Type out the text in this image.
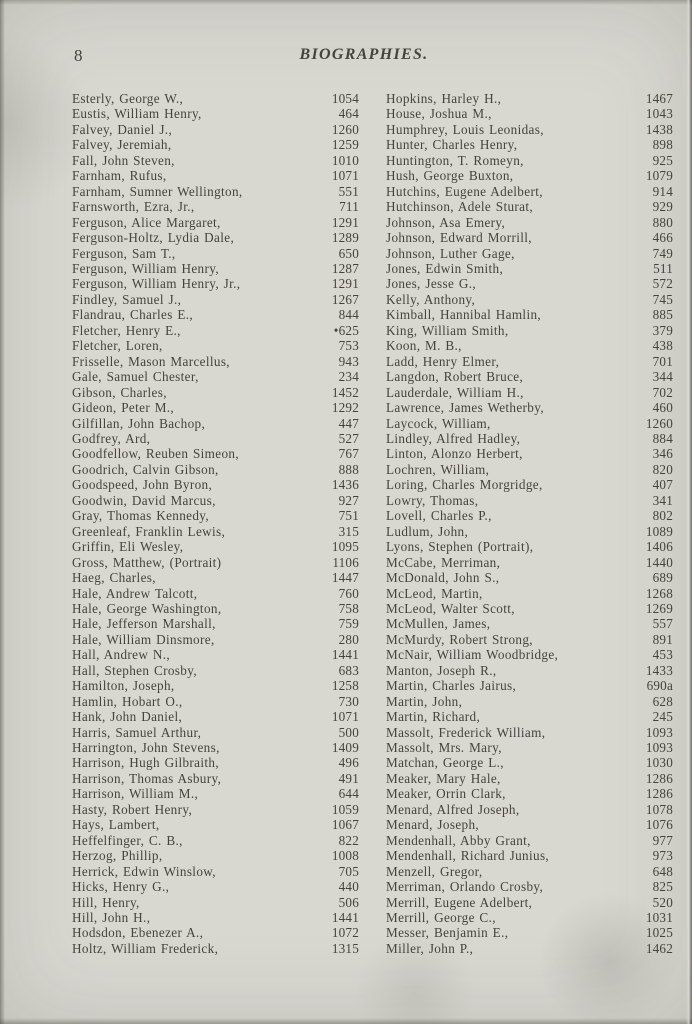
8	BIOGRAPHIES.
Esterly, George W.,	1054
Eustis, William Henry,	464
Falvey, Daniel J.,	1260
Falvey, Jeremiah,	1259
Fall, John Steven,	1010
Farnham, Rufus,	1071
Farnham, Sumner Wellington,	551
Farnsworth, Ezra, Jr.,	711
Ferguson, Alice Margaret,	1291
Ferguson-Holtz, Lydia Dale,	1289
Ferguson, Sam T.,	650
Ferguson, William Henry,	1287
Ferguson, William Henry, Jr.,	1291
Findley, Samuel J.,	1267
Flandrau, Charles E.,	844
Fletcher, Henry E.,	•625
Fletcher, Loren,	753
Frisselle, Mason Marcellus,	943
Gale, Samuel Chester,	234
Gibson, Charles,	1452
Gideon, Peter M.,	1292
Gilfillan, John Bachop,	447
Godfrey, Ard,	527
Goodfellow, Reuben Simeon,	767
Goodrich, Calvin Gibson,	888
Goodspeed, John Byron,	1436
Goodwin, David Marcus,	927
Gray, Thomas Kennedy,	751
Greenleaf, Franklin Lewis,	315
Griffin, Eli Wesley,	1095
Gross, Matthew, (Portrait)	1106
Haeg, Charles,	1447
Hale, Andrew Talcott,	760
Hale, George Washington,	758
Hale, Jefferson Marshall,	759
Hale, William Dinsmore,	280
Hall, Andrew N.,	1441
Hall, Stephen Crosby,	683
Hamilton, Joseph,	1258
Hamlin, Hobart O.,	730
Hank, John Daniel,	1071
Harris, Samuel Arthur,	500
Harrington, John Stevens,	1409
Harrison, Hugh Gilbraith,	496
Harrison, Thomas Asbury,	491
Harrison, William M.,	644
Hasty, Robert Henry,	1059
Hays, Lambert,	1067
Heffelfinger, C. B.,	822
Herzog, Phillip,	1008
Herrick, Edwin Winslow,	705
Hicks, Henry G.,	440
Hill, Henry,	506
Hill, John H.,	1441
Hodsdon, Ebenezer A.,	1072
Holtz, William Frederick,	1315
Hopkins, Harley H.,	1467
House, Joshua M.,	1043
Humphrey, Louis Leonidas,	1438
Hunter, Charles Henry,	898
Huntington, T. Romeyn,	925
Hush, George Buxton,	1079
Hutchins, Eugene Adelbert,	914
Hutchinson, Adele Sturat,	929
Johnson, Asa Emery,	880
Johnson, Edward Morrill,	466
Johnson, Luther Gage,	749
Jones, Edwin Smith,	511
Jones, Jesse G.,	572
Kelly, Anthony,	745
Kimball, Hannibal Hamlin,	885
King, William Smith,	379
Koon, M. B.,	438
Ladd, Henry Elmer,	701
Langdon, Robert Bruce,	344
Lauderdale, William H.,	702
Lawrence, James Wetherby,	460
Laycock, William,	1260
Lindley, Alfred Hadley,	884
Linton, Alonzo Herbert,	346
Lochren, William,	820
Loring, Charles Morgridge,	407
Lowry, Thomas,	341
Lovell, Charles P.,	802
Ludlum, John,	1089
Lyons, Stephen (Portrait),	1406
McCabe, Merriman,	1440
McDonald, John S.,	689
McLeod, Martin,	1268
McLeod, Walter Scott,	1269
McMullen, James,	557
McMurdy, Robert Strong,	891
McNair, William Woodbridge,	453
Manton, Joseph R.,	1433
Martin, Charles Jairus,	690a
Martin, John,	628
Martin, Richard,	245
Massolt, Frederick William,	1093
Massolt, Mrs. Mary,	1093
Matchan, George L.,	1030
Meaker, Mary Hale,	1286
Meaker, Orrin Clark,	1286
Menard, Alfred Joseph,	1078
Menard, Joseph,	1076
Mendenhall, Abby Grant,	977
Mendenhall, Richard Junius,	973
Menzell, Gregor,	648
Merriman, Orlando Crosby,	825
Merrill, Eugene Adelbert,	520
Merrill, George C.,	1031
Messer, Benjamin E.,	1025
Miller, John P.,	1462
